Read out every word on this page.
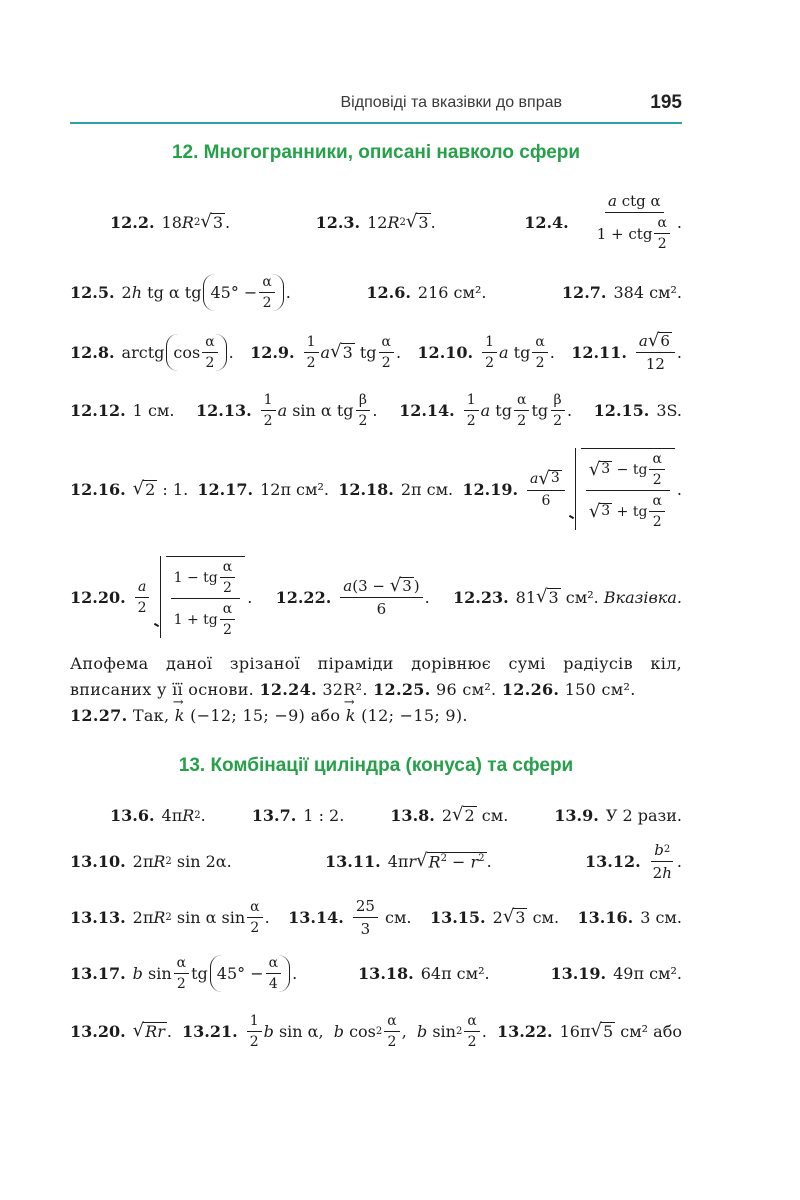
Відповіді та вказівки до вправ	195
12. Многогранники, описані навколо сфери
12.2. 18 R 2 √ 3 .	12.3. 12 R 2 √ 3 .	12.4. $\frac{\text{a ctg α}}{1 + ctg \frac{\alpha}{2}}$ .
12.5. 2 h tg α tg $45^\circ - \frac{\alpha}{2}$ .	12.6. 216 см².	12.7. 384 см².
12.8. arctg $\cos \frac{\alpha}{2}$ . 12.9. $\frac{1}{2}$ a √ 3 tg $\frac{\alpha}{2}$ . 12.10. $\frac{1}{2}$ a tg $\frac{\alpha}{2}$ . 12.11. $\frac{a √ 6}{12}$ .
12.12. 1 см. 12.13. $\frac{1}{2}$ a sin α tg $\frac{\beta}{2}$ . 12.14. $\frac{1}{2}$ a tg $\frac{\alpha}{2}$ tg $\frac{\beta}{2}$ . 12.15. 3S.
12.16. √ 2 : 1. 12.17. 12π см². 12.18. 2π см. 12.19. $\frac{a √ 3}{6} \frac{√ 3 - tg \frac{\alpha}{2}}{√ 3 + tg \frac{\alpha}{2}}$ .
12.20. $\frac{a}{2} \frac{1 - tg \frac{\alpha}{2}}{1 + tg \frac{\alpha}{2}}$ . 12.22. $\frac{a (3 - √ 3 )}{6}$ . 12.23. 81 √ 3
см².
Вказівка.
Апофема даної зрізаної піраміди дорівнює сумі радіусів кіл, вписаних у її основи. 12.24. 32R². 12.25. 96 см². 12.26. 150 см².
12.27. Так, → k (−12; 15; −9) або → k (12; −15; 9).
13. Комбінації циліндра (конуса) та сфери
13.6. 4π R 2 .	13.7. 1 : 2.	13.8. 2 √ 2
см.	13.9. У 2 рази.
13.10. 2π R 2 sin 2α.	13.11. 4π r √ $R^2 - r^2$ .	13.12. $\frac{b 2}{2 h}$ .
13.13. 2π R 2 sin α $\sin \frac{\alpha}{2}$ . 13.14. $\frac{25}{3}$
см. 13.15. 2 √ 3
см. 13.16. 3 см.
13.17. b $\sin \frac{\alpha}{2}$ tg $45^\circ - \frac{\alpha}{4}$ .	13.18. 64π см².	13.19. 49π см².
13.20. √ Rr . 13.21. $\frac{1}{2}$ b sin α, b $\cos 2 \frac{\alpha}{2}$ , b $\sin 2 \frac{\alpha}{2}$ . 13.22. 16π √ 5
см² або
